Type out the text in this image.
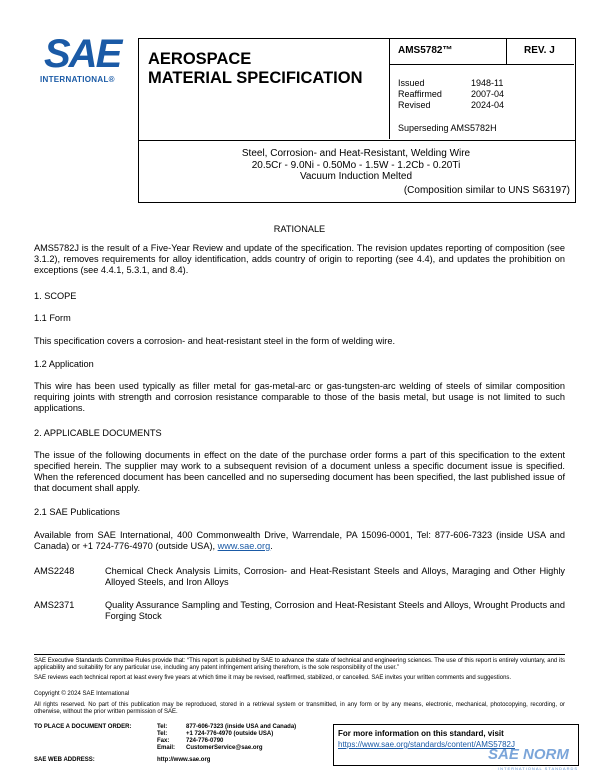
SAE
INTERNATIONAL®
AEROSPACE
MATERIAL SPECIFICATION
AMS5782™	REV. J
Issued	1948-11
Reaffirmed	2007-04
Revised	2024-04
Superseding AMS5782H
Steel, Corrosion- and Heat-Resistant, Welding Wire
20.5Cr - 9.0Ni - 0.50Mo - 1.5W - 1.2Cb - 0.20Ti
Vacuum Induction Melted
(Composition similar to UNS S63197)
RATIONALE
AMS5782J is the result of a Five-Year Review and update of the specification. The revision updates reporting of composition (see 3.1.2), removes requirements for alloy identification, adds country of origin to reporting (see 4.4), and updates the prohibition on exceptions (see 4.4.1, 5.3.1, and 8.4).
1. SCOPE
1.1 Form
This specification covers a corrosion- and heat-resistant steel in the form of welding wire.
1.2 Application
This wire has been used typically as filler metal for gas-metal-arc or gas-tungsten-arc welding of steels of similar composition requiring joints with strength and corrosion resistance comparable to those of the basis metal, but usage is not limited to such applications.
2. APPLICABLE DOCUMENTS
The issue of the following documents in effect on the date of the purchase order forms a part of this specification to the extent specified herein. The supplier may work to a subsequent revision of a document unless a specific document issue is specified. When the referenced document has been cancelled and no superseding document has been specified, the last published issue of that document shall apply.
2.1 SAE Publications
Available from SAE International, 400 Commonwealth Drive, Warrendale, PA 15096-0001, Tel: 877-606-7323 (inside USA and Canada) or +1 724-776-4970 (outside USA), www.sae.org.
AMS2248	Chemical Check Analysis Limits, Corrosion- and Heat-Resistant Steels and Alloys, Maraging and Other Highly Alloyed Steels, and Iron Alloys
AMS2371	Quality Assurance Sampling and Testing, Corrosion and Heat-Resistant Steels and Alloys, Wrought Products and Forging Stock
SAE Executive Standards Committee Rules provide that: “This report is published by SAE to advance the state of technical and engineering sciences. The use of this report is entirely voluntary, and its applicability and suitability for any particular use, including any patent infringement arising therefrom, is the sole responsibility of the user.”
SAE reviews each technical report at least every five years at which time it may be revised, reaffirmed, stabilized, or cancelled. SAE invites your written comments and suggestions.
Copyright © 2024 SAE International
All rights reserved. No part of this publication may be reproduced, stored in a retrieval system or transmitted, in any form or by any means, electronic, mechanical, photocopying, recording, or otherwise, without the prior written permission of SAE.
TO PLACE A DOCUMENT ORDER:	Tel:	877-606-7323 (inside USA and Canada)
Tel:	+1 724-776-4970 (outside USA)
Fax:	724-776-0790
Email: CustomerService@sae.org
SAE WEB ADDRESS:	http://www.sae.org
For more information on this standard, visit
https://www.sae.org/standards/content/AMS5782J
SAE NORM
INTERNATIONAL STANDARDS
